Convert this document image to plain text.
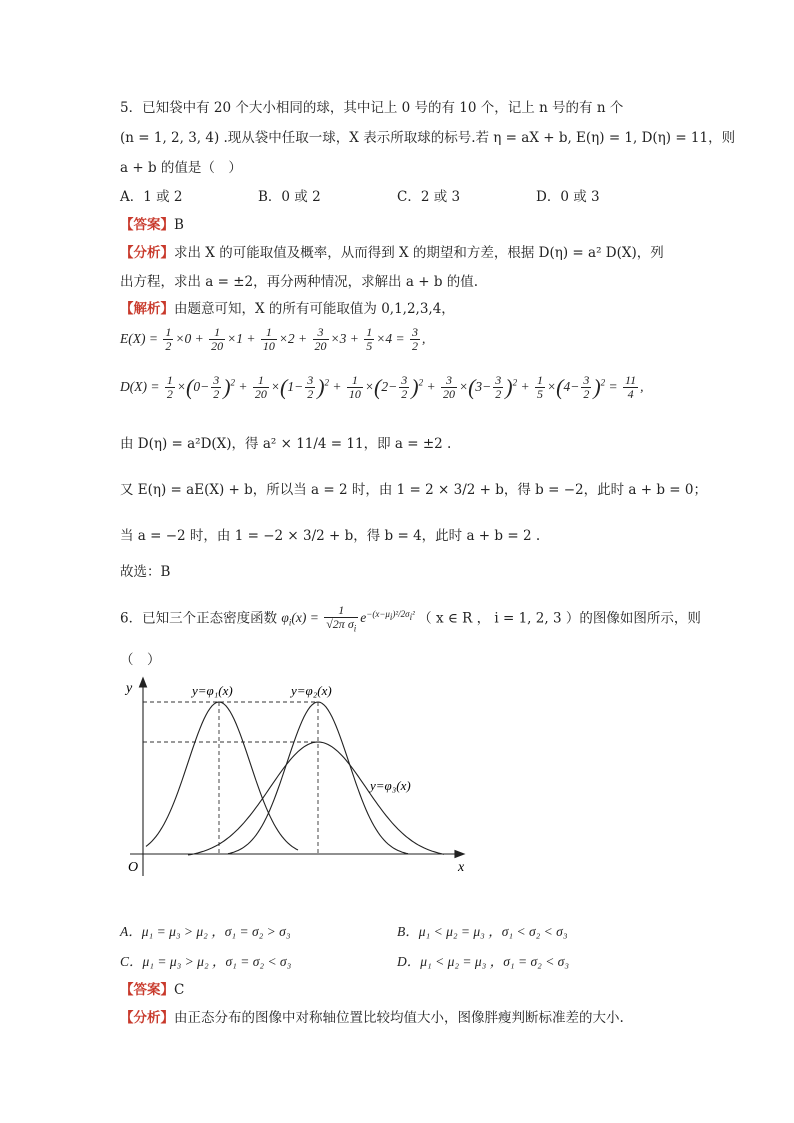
5．已知袋中有 20 个大小相同的球，其中记上 0 号的有 10 个，记上 n 号的有 n 个
(n = 1, 2, 3, 4) .现从袋中任取一球，X 表示所取球的标号.若 η = aX + b, E(η) = 1, D(η) = 11，则
a + b 的值是（　）
A．1 或 2	B．0 或 2	C．2 或 3	D．0 或 3
【答案】B
【分析】求出 X 的可能取值及概率，从而得到 X 的期望和方差，根据 D(η) = a² D(X)，列
出方程，求出 a = ±2，再分两种情况，求解出 a + b 的值.
【解析】由题意可知，X 的所有可能取值为 0,1,2,3,4，
$E(X) = \frac{1}{2} \times 0 + \frac{1}{20} \times 1 + \frac{1}{10} \times 2 + \frac{3}{20} \times 3 + \frac{1}{5} \times 4 = \frac{3}{2}$ ,
$D(X) = \frac{1}{2} \times(0- \frac{3}{2} )^2 + \frac{1}{20} \times(1- \frac{3}{2} )^2 + \frac{1}{10} \times(2- \frac{3}{2} )^2 + \frac{3}{20} \times(3- \frac{3}{2} )^2 + \frac{1}{5} \times(4- \frac{3}{2} )^2 = \frac{11}{4}$ ,
由 D(η) = a²D(X)，得 a² × 11/4 = 11，即 a = ±2 .
又 E(η) = aE(X) + b，所以当 a = 2 时，由 1 = 2 × 3/2 + b，得 b = −2，此时 a + b = 0；
当 a = −2 时，由 1 = −2 × 3/2 + b，得 b = 4，此时 a + b = 2 .
故选：B
6．已知三个正态密度函数 $\varphi_i(x) = \frac{1}{√2\pi \sigma_i} e^{-(x-\mu i)^2/2\sigma i^2}$ （ x ∈ R ， i = 1, 2, 3 ）的图像如图所示，则
（　）
y=φ₁(x)	y=φ₂(x)
y=φ₃(x)
y
x
O
A．μ₁ = μ₃ > μ₂ ，σ₁ = σ₂ > σ₃	B．μ₁ < μ₂ = μ₃ ，σ₁ < σ₂ < σ₃
C．μ₁ = μ₃ > μ₂ ，σ₁ = σ₂ < σ₃	D．μ₁ < μ₂ = μ₃ ，σ₁ = σ₂ < σ₃
【答案】C
【分析】由正态分布的图像中对称轴位置比较均值大小，图像胖瘦判断标准差的大小.
